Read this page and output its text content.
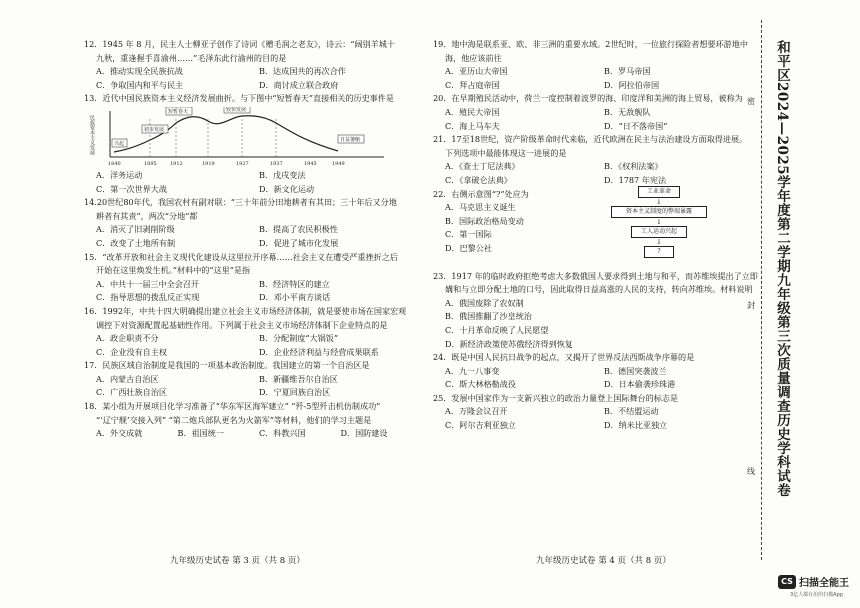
12．1945 年 8 月，民主人士柳亚子创作了诗词《赠毛润之老友》，诗云：“阔别羊城十

九秋，重逢握手喜渝州……”毛泽东此行渝州的目的是

A．推动实现全民族抗战	B．达成国共的再次合作
C．争取国内和平与民主	D．商讨成立联合政府

13．近代中国民族资本主义经济发展曲折。与下图中“短暂春天”直接相关的历史事件是

民族资本主义发展
1840	1895	1912	1919	1927	1937	1945	1949
兴起
初步发展
短暂春天	较快发展
日益萎缩
A．洋务运动	B．戊戌变法
C．第一次世界大战	D．新文化运动

14.20世纪80年代，我国农村有副对联：“三十年前分田地耕者有其田；三十年后又分地

耕者有其责”，两次“分地”都

A．消灭了旧剥削阶级	B．提高了农民积极性
C．改变了土地所有制	D．促进了城市化发展

15．“改革开放和社会主义现代化建设从这里拉开序幕……社会主义在遭受严重挫折之后

开始在这里焕发生机。”材料中的“这里”是指

A．中共十一届三中全会召开	B．经济特区的建立
C．指导思想的拨乱反正实现	D．邓小平南方谈话

16．1992年，中共十四大明确提出建立社会主义市场经济体制，就是要使市场在国家宏观

调控下对资源配置起基础性作用。下列属于社会主义市场经济体制下企业特点的是

A．政企职责不分	B．分配制度“大锅饭”
C．企业没有自主权	D．企业经济利益与经营成果联系

17．民族区域自治制度是我国的一项基本政治制度。我国建立的第一个自治区是

A．内蒙古自治区	B．新疆维吾尔自治区
C．广西壮族自治区	D．宁夏回族自治区

18．某小组为开展项目化学习准备了“华东军区海军建立” “歼-5型歼击机仿制成功”

“‘辽宁舰’交接入列” “第二炮兵部队更名为火箭军”等材料，他们的学习主题是

A．外交成就	B．祖国统一	C．科教兴国	D．国防建设
九年级历史试卷 第 3 页（共 8 页）

19．地中海是联系亚、欧、非三洲的重要水域。2世纪时，一位旅行探险者想要环游地中

海，他应该前往

A．亚历山大帝国	B．罗马帝国
C．拜占庭帝国	D．阿拉伯帝国

20．在早期殖民活动中，荷兰一度控制着波罗的海、印度洋和美洲的海上贸易，被称为

A．殖民大帝国	B．无敌舰队
C．海上马车夫	D．“日不落帝国”

21．17至18世纪，资产阶级革命时代来临，近代欧洲在民主与法治建设方面取得进展。

下列选项中最能体现这一进展的是

A．《查士丁尼法典》	B．《权利法案》
C．《拿破仑法典》	D．1787 年宪法

22．右侧示意图“?”处应为

A．马克思主义诞生
B．国际政治格局变动
C．第一国际
D．巴黎公社
工业革命
↓
资本主义制度的弊端暴露
↓
工人运动兴起
↓
?

23．1917 年的临时政府拒绝考虑大多数俄国人要求得到土地与和平，而苏维埃提出了立即

媾和与立即分配土地的口号，因此取得日益高涨的人民的支持，转向苏维埃。材料说明

A．俄国废除了农奴制
B．俄国推翻了沙皇统治
C．十月革命反映了人民愿望
D．新经济政策使苏俄经济得到恢复

24．既是中国人民抗日战争的起点，又揭开了世界反法西斯战争序幕的是

A．九一八事变	B．德国突袭波兰
C．斯大林格勒战役	D．日本偷袭珍珠港

25．发展中国家作为一支新兴独立的政治力量登上国际舞台的标志是

A．万隆会议召开	B．不结盟运动
C．阿尔吉利亚独立	D．纳米比亚独立
九年级历史试卷 第 4 页（共 8 页）
密
封
线 和平区2024—2025学年度第二学期九年级第三次质量调查历史学科试卷
CS 扫描全能王
3亿人都在用的扫描App
